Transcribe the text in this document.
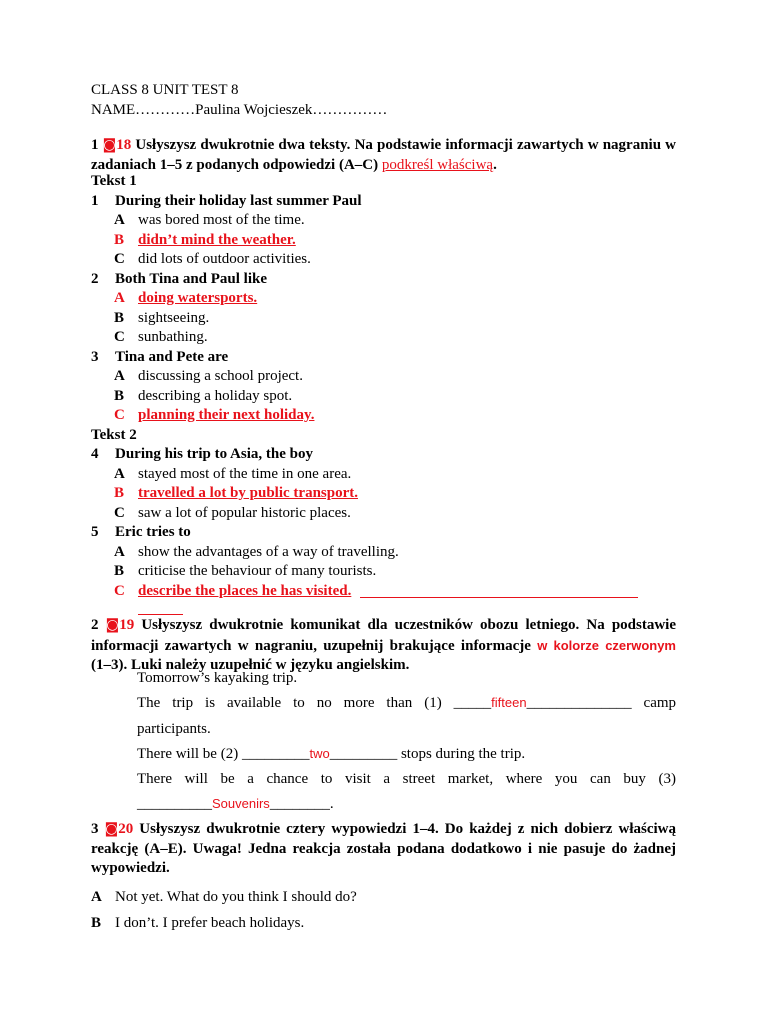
CLASS 8 UNIT TEST 8
NAME…………Paulina Wojcieszek……………
1 ◙18 Usłyszysz dwukrotnie dwa teksty. Na podstawie informacji zawartych w nagraniu w zadaniach 1–5 z podanych odpowiedzi (A–C) podkreśl właściwą.
Tekst 1
1 During their holiday last summer Paul
A was bored most of the time.
B didn’t mind the weather.
C did lots of outdoor activities.
2 Both Tina and Paul like
A doing watersports.
B sightseeing.
C sunbathing.
3 Tina and Pete are
A discussing a school project.
B describing a holiday spot.
C planning their next holiday.
Tekst 2
4 During his trip to Asia, the boy
A stayed most of the time in one area.
B travelled a lot by public transport.
C saw a lot of popular historic places.
5 Eric tries to
A show the advantages of a way of travelling.
B criticise the behaviour of many tourists.
C describe the places he has visited.
2 ◙19 Usłyszysz dwukrotnie komunikat dla uczestników obozu letniego. Na podstawie informacji zawartych w nagraniu, uzupełnij brakujące informacje w kolorze czerwonym (1–3). Luki należy uzupełnić w języku angielskim.
Tomorrow’s kayaking trip.
The trip is available to no more than (1) _____fifteen______________ camp
participants.
There will be (2) _________two_________ stops during the trip.
There will be a chance to visit a street market, where you can buy (3)
__________Souvenirs________.
3 ◙20 Usłyszysz dwukrotnie cztery wypowiedzi 1–4. Do każdej z nich dobierz właściwą reakcję (A–E). Uwaga! Jedna reakcja została podana dodatkowo i nie pasuje do żadnej wypowiedzi.
A Not yet. What do you think I should do?
B I don’t. I prefer beach holidays.
